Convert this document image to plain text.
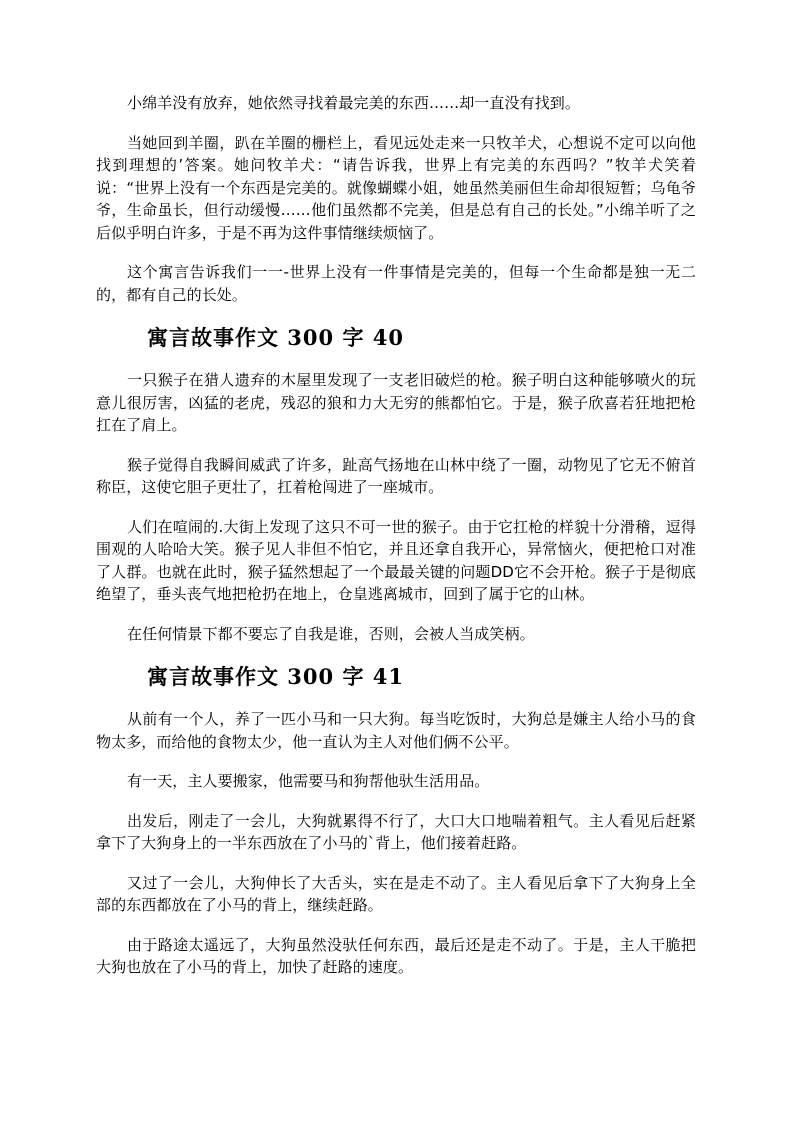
小绵羊没有放弃，她依然寻找着最完美的东西……却一直没有找到。

当她回到羊圈，趴在羊圈的栅栏上，看见远处走来一只牧羊犬，心想说不定可以向他找到理想的’答案。她问牧羊犬：“请告诉我，世界上有完美的东西吗？”牧羊犬笑着说：“世界上没有一个东西是完美的。就像蝴蝶小姐，她虽然美丽但生命却很短暂；乌龟爷爷，生命虽长，但行动缓慢……他们虽然都不完美，但是总有自己的长处。”小绵羊听了之后似乎明白许多，于是不再为这件事情继续烦恼了。

这个寓言告诉我们一一-世界上没有一件事情是完美的，但每一个生命都是独一无二的，都有自己的长处。

寓言故事作文 300 字 40

一只猴子在猎人遗弃的木屋里发现了一支老旧破烂的枪。猴子明白这种能够喷火的玩意儿很厉害，凶猛的老虎，残忍的狼和力大无穷的熊都怕它。于是，猴子欣喜若狂地把枪扛在了肩上。

猴子觉得自我瞬间威武了许多，趾高气扬地在山林中绕了一圈，动物见了它无不俯首称臣，这使它胆子更壮了，扛着枪闯进了一座城市。

人们在喧闹的.大街上发现了这只不可一世的猴子。由于它扛枪的样貌十分滑稽，逗得围观的人哈哈大笑。猴子见人非但不怕它，并且还拿自我开心，异常恼火，便把枪口对准了人群。也就在此时，猴子猛然想起了一个最最关键的问题DD它不会开枪。猴子于是彻底绝望了，垂头丧气地把枪扔在地上，仓皇逃离城市，回到了属于它的山林。

在任何情景下都不要忘了自我是谁，否则，会被人当成笑柄。

寓言故事作文 300 字 41

从前有一个人，养了一匹小马和一只大狗。每当吃饭时，大狗总是嫌主人给小马的食物太多，而给他的食物太少，他一直认为主人对他们俩不公平。

有一天，主人要搬家，他需要马和狗帮他驮生活用品。

出发后，刚走了一会儿，大狗就累得不行了，大口大口地喘着粗气。主人看见后赶紧拿下了大狗身上的一半东西放在了小马的`背上，他们接着赶路。

又过了一会儿，大狗伸长了大舌头，实在是走不动了。主人看见后拿下了大狗身上全部的东西都放在了小马的背上，继续赶路。

由于路途太遥远了，大狗虽然没驮任何东西，最后还是走不动了。于是，主人干脆把大狗也放在了小马的背上，加快了赶路的速度。
